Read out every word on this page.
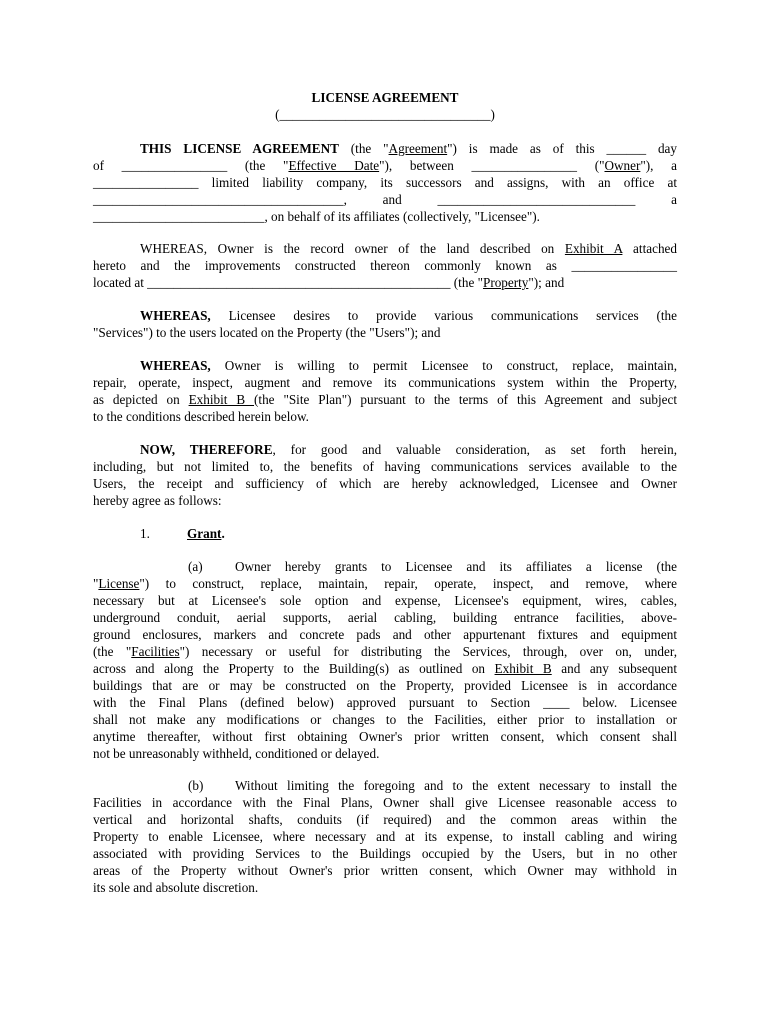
LICENSE AGREEMENT
(________________________________)
THIS LICENSE AGREEMENT (the "Agreement") is made as of this ______ day
of ________________ (the "Effective Date"), between ________________ ("Owner"), a
________________ limited liability company, its successors and assigns, with an office at
______________________________________, and ______________________________ a
__________________________, on behalf of its affiliates (collectively, "Licensee").
WHEREAS, Owner is the record owner of the land described on Exhibit A attached
hereto and the improvements constructed thereon commonly known as ________________
located at ______________________________________________ (the "Property"); and
WHEREAS, Licensee desires to provide various communications services (the
"Services") to the users located on the Property (the "Users"); and
WHEREAS, Owner is willing to permit Licensee to construct, replace, maintain,
repair, operate, inspect, augment and remove its communications system within the Property,
as depicted on Exhibit B (the "Site Plan") pursuant to the terms of this Agreement and subject
to the conditions described herein below.
NOW, THEREFORE, for good and valuable consideration, as set forth herein,
including, but not limited to, the benefits of having communications services available to the
Users, the receipt and sufficiency of which are hereby acknowledged, Licensee and Owner
hereby agree as follows:
1.	Grant.
(a) Owner hereby grants to Licensee and its affiliates a license (the
"License") to construct, replace, maintain, repair, operate, inspect, and remove, where
necessary but at Licensee's sole option and expense, Licensee's equipment, wires, cables,
underground conduit, aerial supports, aerial cabling, building entrance facilities, above-
ground enclosures, markers and concrete pads and other appurtenant fixtures and equipment
(the "Facilities") necessary or useful for distributing the Services, through, over on, under,
across and along the Property to the Building(s) as outlined on Exhibit B and any subsequent
buildings that are or may be constructed on the Property, provided Licensee is in accordance
with the Final Plans (defined below) approved pursuant to Section ____ below. Licensee
shall not make any modifications or changes to the Facilities, either prior to installation or
anytime thereafter, without first obtaining Owner's prior written consent, which consent shall
not be unreasonably withheld, conditioned or delayed.
(b) Without limiting the foregoing and to the extent necessary to install the
Facilities in accordance with the Final Plans, Owner shall give Licensee reasonable access to
vertical and horizontal shafts, conduits (if required) and the common areas within the
Property to enable Licensee, where necessary and at its expense, to install cabling and wiring
associated with providing Services to the Buildings occupied by the Users, but in no other
areas of the Property without Owner's prior written consent, which Owner may withhold in
its sole and absolute discretion.
